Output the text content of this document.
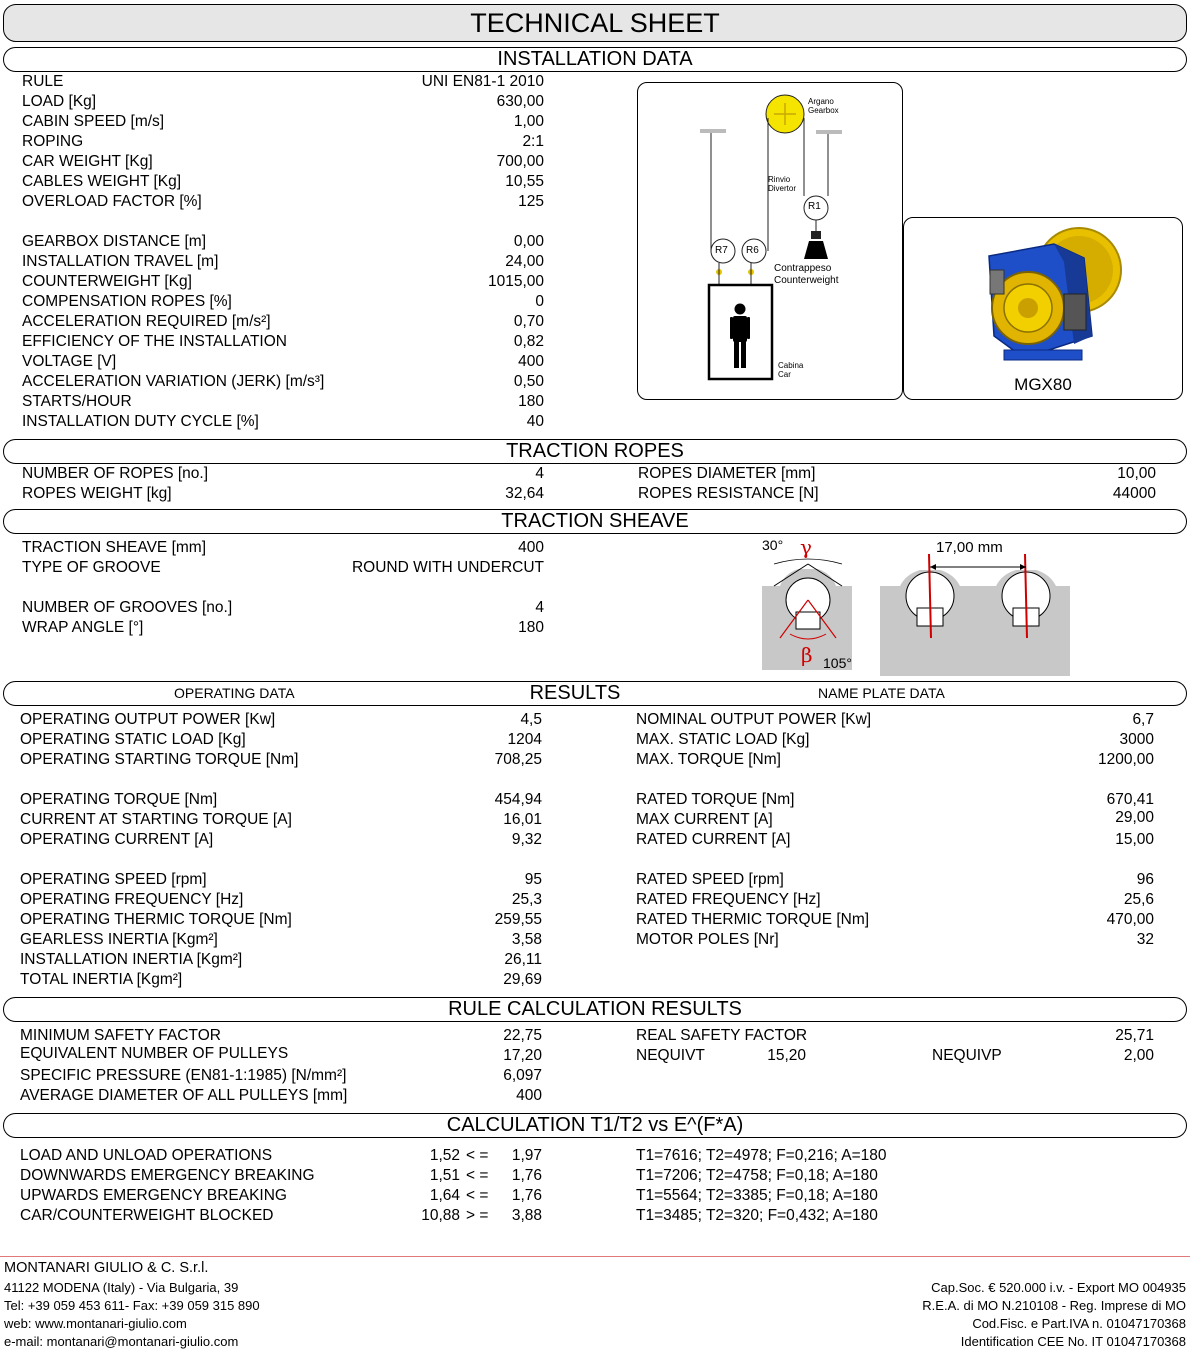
TECHNICAL SHEET
INSTALLATION DATA
RULE	UNI EN81-1 2010
LOAD [Kg]	630,00
CABIN SPEED [m/s]	1,00
ROPING	2:1
CAR WEIGHT [Kg]	700,00
CABLES WEIGHT [Kg]	10,55
OVERLOAD FACTOR [%]	125
GEARBOX DISTANCE [m]	0,00
INSTALLATION TRAVEL [m]	24,00
COUNTERWEIGHT [Kg]	1015,00
COMPENSATION ROPES [%]	0
ACCELERATION REQUIRED [m/s²]	0,70
EFFICIENCY OF THE INSTALLATION	0,82
VOLTAGE [V]	400
ACCELERATION VARIATION (JERK) [m/s³]	0,50
STARTS/HOUR	180
INSTALLATION DUTY CYCLE [%]	40
Argano
Gearbox
Rinvio
Divertor
R1
R6
R7
Contrappeso
Counterweight
Cabina
Car
MGX80
TRACTION ROPES
NUMBER OF ROPES [no.]	4
ROPES WEIGHT [kg]	32,64
ROPES DIAMETER [mm]	10,00
ROPES RESISTANCE [N]	44000
TRACTION SHEAVE
TRACTION SHEAVE [mm]	400
TYPE OF GROOVE	ROUND WITH UNDERCUT
NUMBER OF GROOVES [no.]	4
WRAP ANGLE [°]	180
30° γ
β 105°
17,00 mm
OPERATING DATA	RESULTS	NAME PLATE DATA
OPERATING OUTPUT POWER [Kw]	4,5
OPERATING STATIC LOAD [Kg]	1204
OPERATING STARTING TORQUE [Nm]	708,25
OPERATING TORQUE [Nm]	454,94
CURRENT AT STARTING TORQUE [A]	16,01
OPERATING CURRENT [A]	9,32
OPERATING SPEED [rpm]	95
OPERATING FREQUENCY [Hz]	25,3
OPERATING THERMIC TORQUE [Nm]	259,55
GEARLESS INERTIA [Kgm²]	3,58
INSTALLATION INERTIA [Kgm²]	26,11
TOTAL INERTIA [Kgm²]	29,69
NOMINAL OUTPUT POWER [Kw]	6,7
MAX. STATIC LOAD [Kg]	3000
MAX. TORQUE [Nm]	1200,00
RATED TORQUE [Nm]	670,41
MAX CURRENT [A]	29,00
RATED CURRENT [A]	15,00
RATED SPEED [rpm]	96
RATED FREQUENCY [Hz]	25,6
RATED THERMIC TORQUE [Nm]	470,00
MOTOR POLES [Nr]	32
RULE CALCULATION RESULTS
MINIMUM SAFETY FACTOR	22,75
EQUIVALENT NUMBER OF PULLEYS	17,20
SPECIFIC PRESSURE (EN81-1:1985) [N/mm²]	6,097
AVERAGE DIAMETER OF ALL PULLEYS [mm]	400
REAL SAFETY FACTOR	25,71
NEQUIVT	15,20	NEQUIVP	2,00
CALCULATION T1/T2 vs E^(F*A)
LOAD AND UNLOAD OPERATIONS	1,52 < = 1,97	T1=7616; T2=4978; F=0,216; A=180
DOWNWARDS EMERGENCY BREAKING	1,51 < = 1,76	T1=7206; T2=4758; F=0,18; A=180
UPWARDS EMERGENCY BREAKING	1,64 < = 1,76	T1=5564; T2=3385; F=0,18; A=180
CAR/COUNTERWEIGHT BLOCKED	10,88 > = 3,88	T1=3485; T2=320; F=0,432; A=180
MONTANARI GIULIO & C. S.r.l.
41122 MODENA (Italy) - Via Bulgaria, 39
Tel: +39 059 453 611- Fax: +39 059 315 890
web: www.montanari-giulio.com
e-mail: montanari@montanari-giulio.com
Cap.Soc. € 520.000 i.v. - Export MO 004935
R.E.A. di MO N.210108 - Reg. Imprese di MO
Cod.Fisc. e Part.IVA n. 01047170368
Identification CEE No. IT 01047170368
